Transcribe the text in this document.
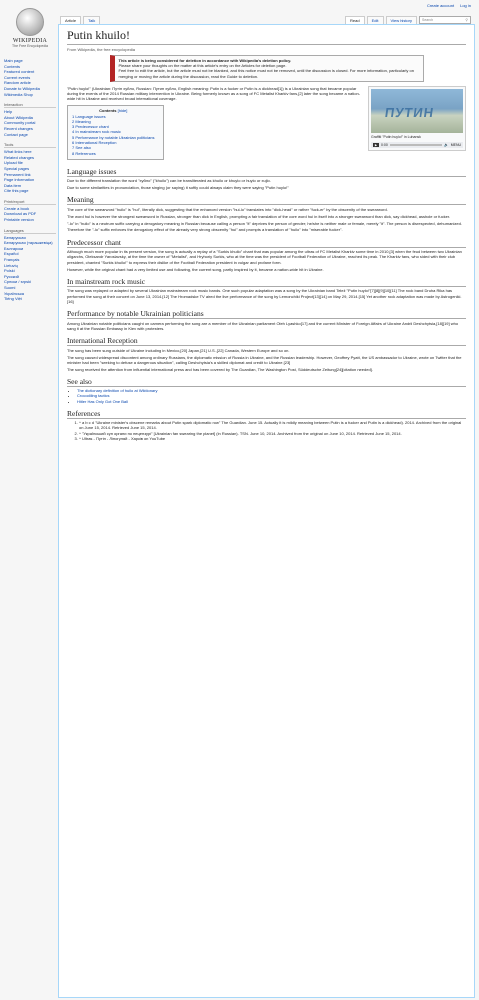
Create account Log in
WIKIPEDIA
The Free Encyclopedia
Main page
Contents
Featured content
Current events
Random article
Donate to Wikipedia
Wikimedia Shop
Interaction
Help
About Wikipedia
Community portal
Recent changes
Contact page
Tools
What links here
Related changes
Upload file
Special pages
Permanent link
Page information
Data item
Cite this page
Print/export
Create a book
Download as PDF
Printable version
Languages
Беларуская
Беларуская (тарашкевіца)
Български
Español
Français
Lietuvių
Polski
Русский
Српски / srpski
Suomi
Українська
Tiếng Việt
Article	Talk	Read	Edit	View history	Search	⚲
Putin khuilo!
From Wikipedia, the free encyclopedia
This article is being considered for deletion in accordance with Wikipedia's deletion policy.
Please share your thoughts on the matter at this article's entry on the Articles for deletion page.
Feel free to edit the article, but the article must not be blanked, and this notice must not be removed, until the discussion is closed. For more information, particularly on merging or moving the article during the discussion, read the Guide to deletion.
ПУТИН
Graffiti "Putin huylo!" in Luhansk
▶	0:00	🔈 MENU

"Putin huylo!" (Ukrainian: Путін хуйло, Russian: Путин хуйло, English meaning: Putin is a fucker or Putin is a dickhead[1]) is a Ukrainian song that became popular during the events of the 2014 Russian military intervention in Ukraine. Being formerly known as a song of FC Metalist Kharkiv fans,[2] later the song became a nation-wide hit in Ukraine and received broad international coverage.

Contents [hide]
1 Language issues
2 Meaning
3 Predecessor chant
4 In mainstream rock music
5 Performance by notable Ukrainian politicians
6 International Reception
7 See also
8 References
Language issues

Due to the different translation the word "хуйло" ("khuilo") can be transliterated as khuilo or khuylo or huylo or xujlo.

Due to some similarities in pronunciation, those singing (or saying) it softly could always claim they were saying "Putin huylo!"

Meaning

The core of the swearword "huilo" is "hui", literally dick, suggesting that the enhanced version "hui-lo" translates into "dick-head" or rather "fuck-er" by the obscenity of the swearword.

The word hui is however the strongest swearword in Russian, stronger than dick in English, prompting a fair translation of the core word hui in itself into a stronger swearword than dick, say dickhead, asshole or fucker.

"-lo" in "huilo" is a neutrum suffix carrying a derogatory meaning in Russian because calling a person "it" deprives the person of gender; he/she is neither male or female, merely "it". The person is disrespected, dehumanized.

Therefore the "-lo" suffix enforces the derogatory effect of the already very strong obscenity "hui" and prompts a translation of "huilo" into "miserable fucker".

Predecessor chant

Although much more popular in its present version, the song is actually a replay of a "Surkis khuilo" chant that was popular among the ultras of FC Metalist Kharkiv some time in 2010,[3] when the feud between two Ukrainian oligarchs, Oleksandr Yaroslavsky, at the time the owner of "Metalist", and Hryhoriy Surkis, who at the time was the president of Football Federation of Ukraine, reached its peak. The Kharkiv fans, who sided with their club president, chanted "Surkis khuilo!" to express their dislike of the Football Federation president in vulgar and profane form.

However, while the original chant had a very limited use and following, the current song, partly inspired by it, became a nation-wide hit in Ukraine.

In mainstream rock music

The song was replayed or adapted by several Ukrainian mainstream rock music bands. One such popular adaptation was a song by the Ukrainian band Telež "Putin huylo!"[7][8][9][10][11] The rock band Druha Rika has performed the song at their concert on June 13, 2014.[12] The Hromadske TV aired the live performance of the song by Lemonchiki Project[13][14] on May 29, 2014.[15] Yet another rock adaptation was made by Astrogeniki.[16]

Performance by notable Ukrainian politicians

Among Ukrainian notable politicians caught on camera performing the song are a member of the Ukrainian parliament Oleh Lyashko[17] and the current Minister of Foreign Affairs of Ukraine Andrii Deshchytsia,[18][19] who sang it at the Russian Embassy in Kiev with protesters.

International Reception

The song has been sung outside of Ukraine including in Mexico,[20] Japan,[21] U.S.,[22] Canada, Western Europe and so on.

The song caused widespread discontent among ordinary Russians, the diplomatic mission of Russia in Ukraine, and the Russian leadership. However, Geoffrey Pyatt, the US ambassador to Ukraine, wrote on Twitter that the minister had been "seeking to defuse a dangerous situation", calling Deshchytsia's a skilled diplomat and credit to Ukraine.[23]

The song received the attention from influential international press and has been covered by The Guardian, The Washington Post, Süddeutsche Zeitung[24][citation needed].

See also
• The dictionary definition of huilo at Wiktionary
• Crocodiling tactics
• Hitler Has Only Got One Ball
References
1. ^ a b c d "Ukraine minister's obscene remarks about Putin spark diplomatic row" The Guardian. June 15. Actually it is mildly meaning between Putin is a fucker and Putin is a dickhead). 2014. Archived from the original on June 15, 2014. Retrieved June 15, 2014.
2. ^ "Український суп органи по нецензурі" [Ukrainian fan swearing the planet] (in Russian). TSN. June 10, 2014. Archived from the original on June 10, 2014. Retrieved June 15, 2014.
3. ^ Ultras - Путін - Ліногуляй - Харків on YouTube
